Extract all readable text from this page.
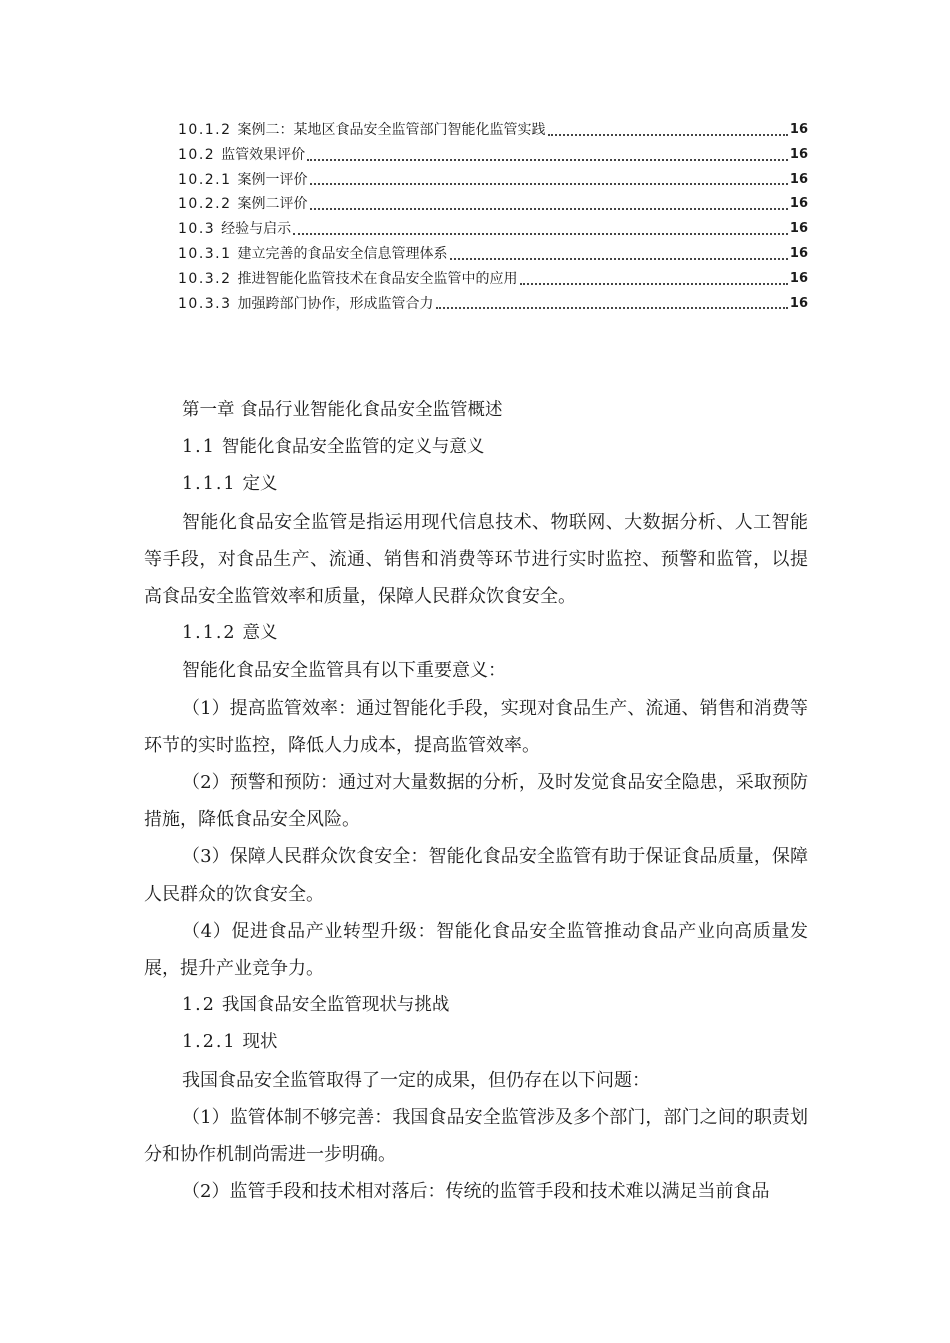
10.1.2 案例二：某地区食品安全监管部门智能化监管实践	16
10.2 监管效果评价	16
10.2.1 案例一评价	16
10.2.2 案例二评价	16
10.3 经验与启示	16
10.3.1 建立完善的食品安全信息管理体系	16
10.3.2 推进智能化监管技术在食品安全监管中的应用	16
10.3.3 加强跨部门协作，形成监管合力	16
第一章 食品行业智能化食品安全监管概述
1.1 智能化食品安全监管的定义与意义
1.1.1 定义
智能化食品安全监管是指运用现代信息技术、物联网、大数据分析、人工智能等手段，对食品生产、流通、销售和消费等环节进行实时监控、预警和监管，以提高食品安全监管效率和质量，保障人民群众饮食安全。
1.1.2 意义
智能化食品安全监管具有以下重要意义：
（1）提高监管效率：通过智能化手段，实现对食品生产、流通、销售和消费等环节的实时监控，降低人力成本，提高监管效率。
（2）预警和预防：通过对大量数据的分析，及时发觉食品安全隐患，采取预防措施，降低食品安全风险。
（3）保障人民群众饮食安全：智能化食品安全监管有助于保证食品质量，保障人民群众的饮食安全。
（4）促进食品产业转型升级：智能化食品安全监管推动食品产业向高质量发展，提升产业竞争力。
1.2 我国食品安全监管现状与挑战
1.2.1 现状
我国食品安全监管取得了一定的成果，但仍存在以下问题：
（1）监管体制不够完善：我国食品安全监管涉及多个部门，部门之间的职责划分和协作机制尚需进一步明确。
（2）监管手段和技术相对落后：传统的监管手段和技术难以满足当前食品
